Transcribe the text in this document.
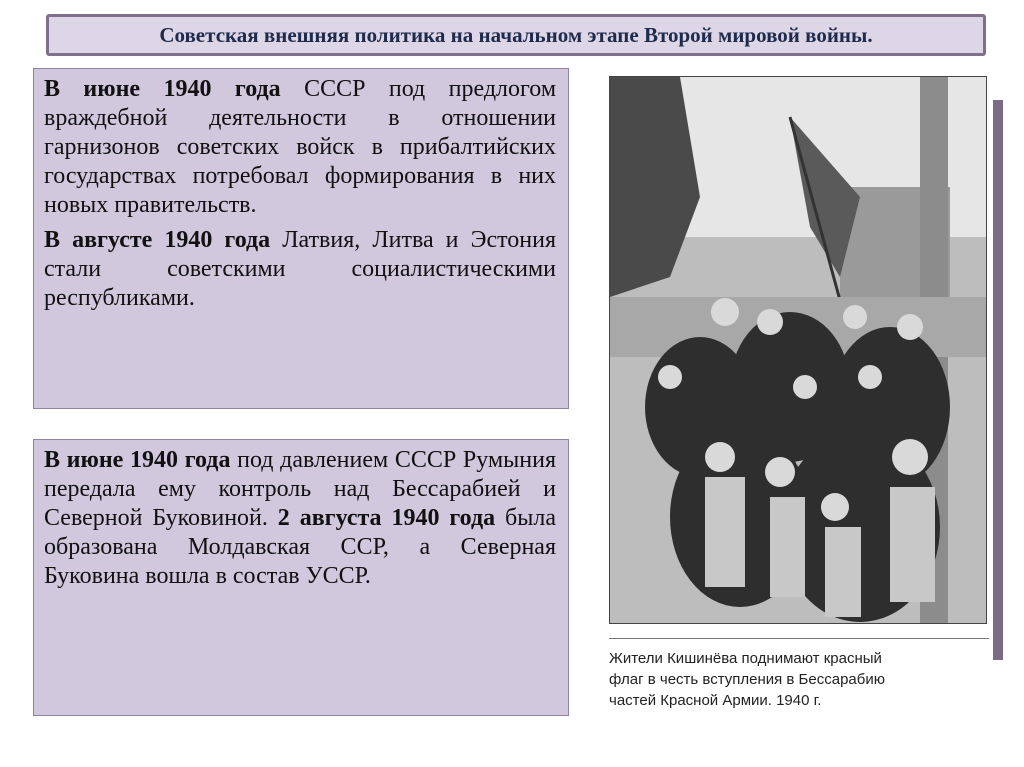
Советская внешняя политика на начальном этапе Второй мировой войны.

В июне 1940 года СССР под предлогом враждебной деятельности в отношении гарнизонов советских войск в прибалтийских государствах потребовал формирования в них новых правительств.

В августе 1940 года Латвия, Литва и Эстония стали советскими социалистическими республиками.

В июне 1940 года под давлением СССР Румыния передала ему контроль над Бессарабией и Северной Буковиной. 2 августа 1940 года была образована Молдавская ССР, а Северная Буковина вошла в состав УССР.

Жители Кишинёва поднимают красный
флаг в честь вступления в Бессарабию
частей Красной Армии. 1940 г.
